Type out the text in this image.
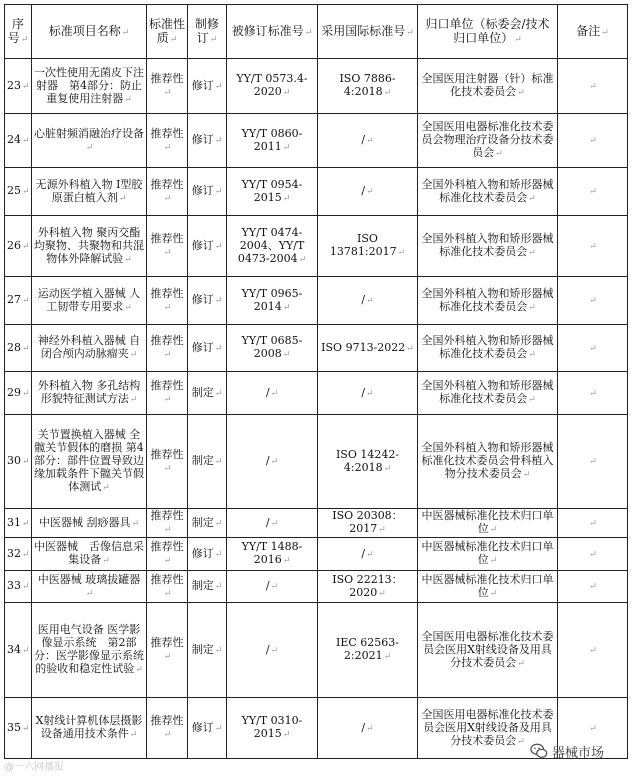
序号↵	标准项目名称↵	标准性质↵	制修订↵	被修订标准号↵	采用国际标准号↵	归口单位（标委会/技术归口单位）↵	备注↵
23↵	一次性使用无菌皮下注射器　第4部分：防止重复使用注射器↵	推荐性↵	修订↵	YY/T 0573.4-2020↵	ISO 7886-4:2018↵	全国医用注射器（针）标准化技术委员会↵	↵
24↵	心脏射频消融治疗设备↵	推荐性↵	修订↵	YY/T 0860-2011↵	/↵	全国医用电器标准化技术委员会物理治疗设备分技术委员会↵	↵
25↵	无源外科植入物 I型胶原蛋白植入剂↵	推荐性↵	修订↵	YY/T 0954-2015↵	/↵	全国外科植入物和矫形器械标准化技术委员会↵	↵
26↵	外科植入物 聚丙交酯均聚物、共聚物和共混物体外降解试验↵	推荐性↵	修订↵	YY/T 0474-2004、YY/T 0473-2004↵	ISO 13781:2017↵	全国外科植入物和矫形器械标准化技术委员会↵	↵
27↵	运动医学植入器械 人工韧带专用要求↵	推荐性↵	修订↵	YY/T 0965-2014↵	/↵	全国外科植入物和矫形器械标准化技术委员会↵	↵
28↵	神经外科植入器械 自闭合颅内动脉瘤夹↵	推荐性↵	修订↵	YY/T 0685-2008↵	ISO 9713-2022↵	全国外科植入物和矫形器械标准化技术委员会↵	↵
29↵	外科植入物 多孔结构形貌特征测试方法↵	推荐性↵	制定↵	/↵	/↵	全国外科植入物和矫形器械标准化技术委员会↵	↵
30↵	关节置换植入器械 全髋关节假体的磨损 第4部分：部件位置导致边缘加载条件下髋关节假体测试↵	推荐性↵	制定↵	/↵	ISO 14242-4:2018↵	全国外科植入物和矫形器械标准化技术委员会骨科植入物分技术委员会↵	↵
31↵	中医器械 刮痧器具↵	推荐性↵	制定↵	/↵	ISO 20308：2017↵	中医器械标准化技术归口单位↵	↵
32↵	中医器械　舌像信息采集设备↵	推荐性↵	修订↵	YY/T 1488-2016↵	/↵	中医器械标准化技术归口单位↵	↵
33↵	中医器械 玻璃拔罐器↵	推荐性↵	制定↵	/↵	ISO 22213：2020↵	中医器械标准化技术归口单位↵	↵
34↵	医用电气设备 医学影像显示系统　第2部分：医学影像显示系统的验收和稳定性试验↵	推荐性↵	制定↵	/↵	IEC 62563-2:2021↵	全国医用电器标准化技术委员会医用X射线设备及用具分技术委员会↵	↵
35↵	X射线计算机体层摄影设备通用技术条件↵	推荐性↵	修订↵	YY/T 0310-2015↵	/↵	全国医用电器标准化技术委员会医用X射线设备及用具分技术委员会↵	↵
@一六网播报
器械市场
